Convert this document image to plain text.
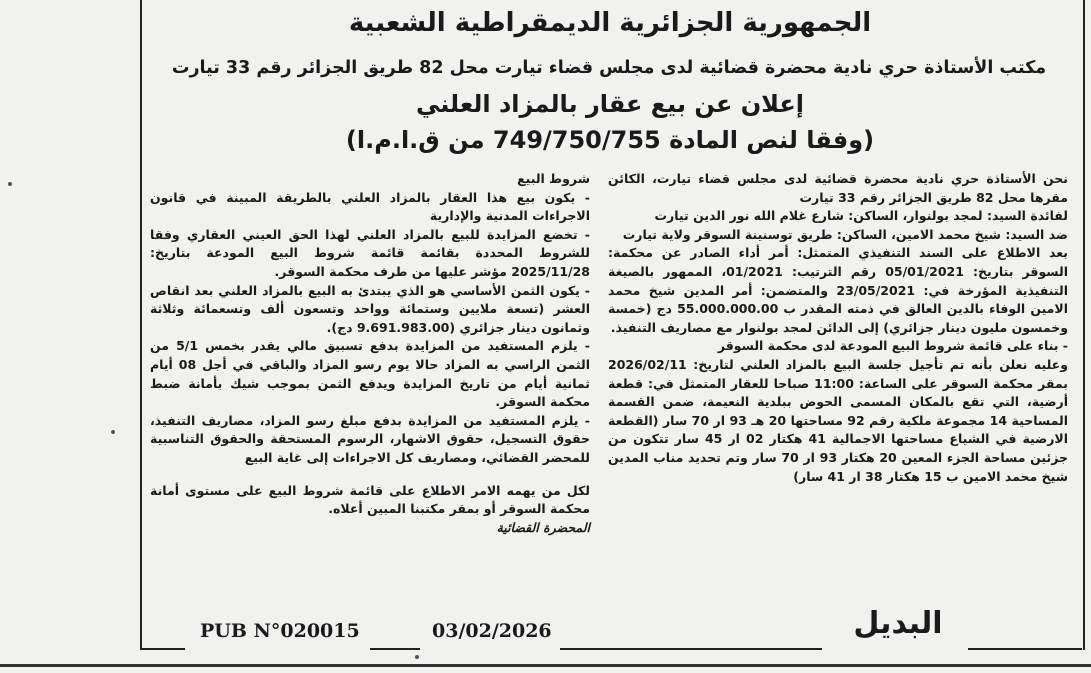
الجمهورية الجزائرية الديمقراطية الشعبية
مكتب الأستاذة حري نادية محضرة قضائية لدى مجلس قضاء تيارت محل 82 طريق الجزائر رقم 33 تيارت
إعلان عن بيع عقار بالمزاد العلني
(وفقا لنص المادة 749/750/755 من ق.ا.م.ا)

نحن الأستاذة حري نادية محضرة قضائية لدى مجلس قضاء تيارت، الكائن مقرها محل 82 طريق الجزائر رقم 33 تيارت

لفائدة السيد: لمجد بولنوار، الساكن: شارع غلام الله نور الدين تيارت

ضد السيد: شيخ محمد الامين، الساكن: طريق توسنينة السوقر ولاية تيارت

بعد الاطلاع على السند التنفيذي المتمثل: أمر أداء الصادر عن محكمة: السوقر بتاريخ: 05/01/2021 رقم الترتيب: 01/2021، الممهور بالصيغة التنفيذية المؤرخة في: 23/05/2021 والمتضمن: أمر المدين شيخ محمد الامين الوفاء بالدين العالق في ذمته المقدر ب 55.000.000.00 دج (خمسة وخمسون مليون دينار جزائري) إلى الدائن لمجد بولنوار مع مصاريف التنفيذ.

- بناء على قائمة شروط البيع المودعة لدى محكمة السوقر

وعليه نعلن بأنه تم تأجيل جلسة البيع بالمزاد العلني لتاريخ: 2026/02/11 بمقر محكمة السوقر على الساعة: 11:00 صباحا للعقار المتمثل في: قطعة أرضية، التي تقع بالمكان المسمى الحوض ببلدية النعيمة، ضمن القسمة المساحية 14 مجموعة ملكية رقم 92 مساحتها 20 هـ 93 ار 70 سار (القطعة الارضية في الشياع مساحتها الاجمالية 41 هكتار 02 ار 45 سار تتكون من جزئين مساحة الجزء المعين 20 هكتار 93 ار 70 سار وتم تحديد مناب المدين شيخ محمد الامين ب 15 هكتار 38 ار 41 سار)

شروط البيع

- يكون بيع هذا العقار بالمزاد العلني بالطريقة المبينة في قانون الاجراءات المدنية والإدارية

- تخضع المزايدة للبيع بالمزاد العلني لهذا الحق العيني العقاري وفقا للشروط المحددة بقائمة قائمة شروط البيع المودعة بتاريخ: 2025/11/28 مؤشر عليها من طرف محكمة السوقر.

- يكون الثمن الأساسي هو الذي يبتدئ به البيع بالمزاد العلني بعد انقاص العشر (تسعة ملايين وستمائة وواحد وتسعون ألف وتسعمائة وثلاثة وثمانون دينار جزائري (9.691.983.00 دج).

- يلزم المستفيد من المزايدة بدفع تسبيق مالي يقدر بخمس 5/1 من الثمن الراسي به المزاد حالا يوم رسو المزاد والباقي في أجل 08 أيام ثمانية أيام من تاريخ المزايدة ويدفع الثمن بموجب شيك بأمانة ضبط محكمة السوقر.

- يلزم المستفيد من المزايدة بدفع مبلغ رسو المزاد، مصاريف التنفيذ، حقوق التسجيل، حقوق الاشهار، الرسوم المستحقة والحقوق التناسبية للمحضر القضائي، ومصاريف كل الاجراءات إلى غاية البيع

لكل من يهمه الامر الاطلاع على قائمة شروط البيع على مستوى أمانة محكمة السوقر أو بمقر مكتبنا المبين أعلاه.

المحضرة القضائية

PUB N°020015	03/02/2026	البديل
